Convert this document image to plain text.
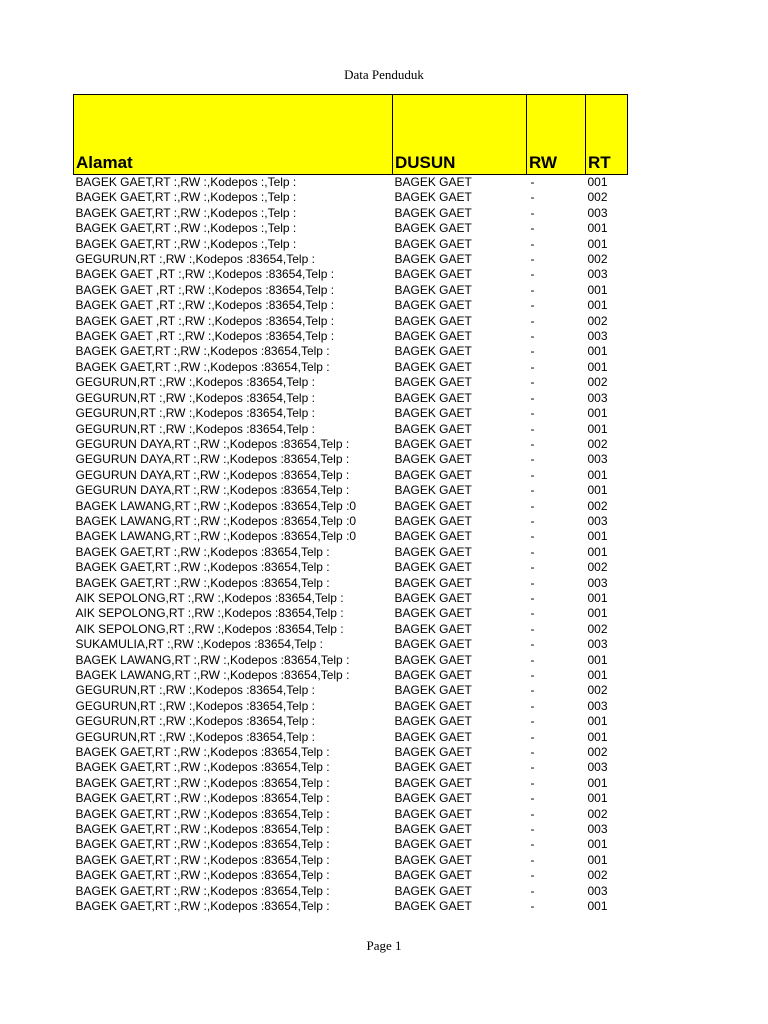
Data Penduduk
Alamat	DUSUN	RW	RT
BAGEK GAET,RT :,RW :,Kodepos :,Telp :	BAGEK GAET	-	001
BAGEK GAET,RT :,RW :,Kodepos :,Telp :	BAGEK GAET	-	002
BAGEK GAET,RT :,RW :,Kodepos :,Telp :	BAGEK GAET	-	003
BAGEK GAET,RT :,RW :,Kodepos :,Telp :	BAGEK GAET	-	001
BAGEK GAET,RT :,RW :,Kodepos :,Telp :	BAGEK GAET	-	001
GEGURUN,RT :,RW :,Kodepos :83654,Telp :	BAGEK GAET	-	002
BAGEK GAET ,RT :,RW :,Kodepos :83654,Telp :	BAGEK GAET	-	003
BAGEK GAET ,RT :,RW :,Kodepos :83654,Telp :	BAGEK GAET	-	001
BAGEK GAET ,RT :,RW :,Kodepos :83654,Telp :	BAGEK GAET	-	001
BAGEK GAET ,RT :,RW :,Kodepos :83654,Telp :	BAGEK GAET	-	002
BAGEK GAET ,RT :,RW :,Kodepos :83654,Telp :	BAGEK GAET	-	003
BAGEK GAET,RT :,RW :,Kodepos :83654,Telp :	BAGEK GAET	-	001
BAGEK GAET,RT :,RW :,Kodepos :83654,Telp :	BAGEK GAET	-	001
GEGURUN,RT :,RW :,Kodepos :83654,Telp :	BAGEK GAET	-	002
GEGURUN,RT :,RW :,Kodepos :83654,Telp :	BAGEK GAET	-	003
GEGURUN,RT :,RW :,Kodepos :83654,Telp :	BAGEK GAET	-	001
GEGURUN,RT :,RW :,Kodepos :83654,Telp :	BAGEK GAET	-	001
GEGURUN DAYA,RT :,RW :,Kodepos :83654,Telp :	BAGEK GAET	-	002
GEGURUN DAYA,RT :,RW :,Kodepos :83654,Telp :	BAGEK GAET	-	003
GEGURUN DAYA,RT :,RW :,Kodepos :83654,Telp :	BAGEK GAET	-	001
GEGURUN DAYA,RT :,RW :,Kodepos :83654,Telp :	BAGEK GAET	-	001
BAGEK LAWANG,RT :,RW :,Kodepos :83654,Telp :0	BAGEK GAET	-	002
BAGEK LAWANG,RT :,RW :,Kodepos :83654,Telp :0	BAGEK GAET	-	003
BAGEK LAWANG,RT :,RW :,Kodepos :83654,Telp :0	BAGEK GAET	-	001
BAGEK GAET,RT :,RW :,Kodepos :83654,Telp :	BAGEK GAET	-	001
BAGEK GAET,RT :,RW :,Kodepos :83654,Telp :	BAGEK GAET	-	002
BAGEK GAET,RT :,RW :,Kodepos :83654,Telp :	BAGEK GAET	-	003
AIK SEPOLONG,RT :,RW :,Kodepos :83654,Telp :	BAGEK GAET	-	001
AIK SEPOLONG,RT :,RW :,Kodepos :83654,Telp :	BAGEK GAET	-	001
AIK SEPOLONG,RT :,RW :,Kodepos :83654,Telp :	BAGEK GAET	-	002
SUKAMULIA,RT :,RW :,Kodepos :83654,Telp :	BAGEK GAET	-	003
BAGEK LAWANG,RT :,RW :,Kodepos :83654,Telp :	BAGEK GAET	-	001
BAGEK LAWANG,RT :,RW :,Kodepos :83654,Telp :	BAGEK GAET	-	001
GEGURUN,RT :,RW :,Kodepos :83654,Telp :	BAGEK GAET	-	002
GEGURUN,RT :,RW :,Kodepos :83654,Telp :	BAGEK GAET	-	003
GEGURUN,RT :,RW :,Kodepos :83654,Telp :	BAGEK GAET	-	001
GEGURUN,RT :,RW :,Kodepos :83654,Telp :	BAGEK GAET	-	001
BAGEK GAET,RT :,RW :,Kodepos :83654,Telp :	BAGEK GAET	-	002
BAGEK GAET,RT :,RW :,Kodepos :83654,Telp :	BAGEK GAET	-	003
BAGEK GAET,RT :,RW :,Kodepos :83654,Telp :	BAGEK GAET	-	001
BAGEK GAET,RT :,RW :,Kodepos :83654,Telp :	BAGEK GAET	-	001
BAGEK GAET,RT :,RW :,Kodepos :83654,Telp :	BAGEK GAET	-	002
BAGEK GAET,RT :,RW :,Kodepos :83654,Telp :	BAGEK GAET	-	003
BAGEK GAET,RT :,RW :,Kodepos :83654,Telp :	BAGEK GAET	-	001
BAGEK GAET,RT :,RW :,Kodepos :83654,Telp :	BAGEK GAET	-	001
BAGEK GAET,RT :,RW :,Kodepos :83654,Telp :	BAGEK GAET	-	002
BAGEK GAET,RT :,RW :,Kodepos :83654,Telp :	BAGEK GAET	-	003
BAGEK GAET,RT :,RW :,Kodepos :83654,Telp :	BAGEK GAET	-	001
Page 1
